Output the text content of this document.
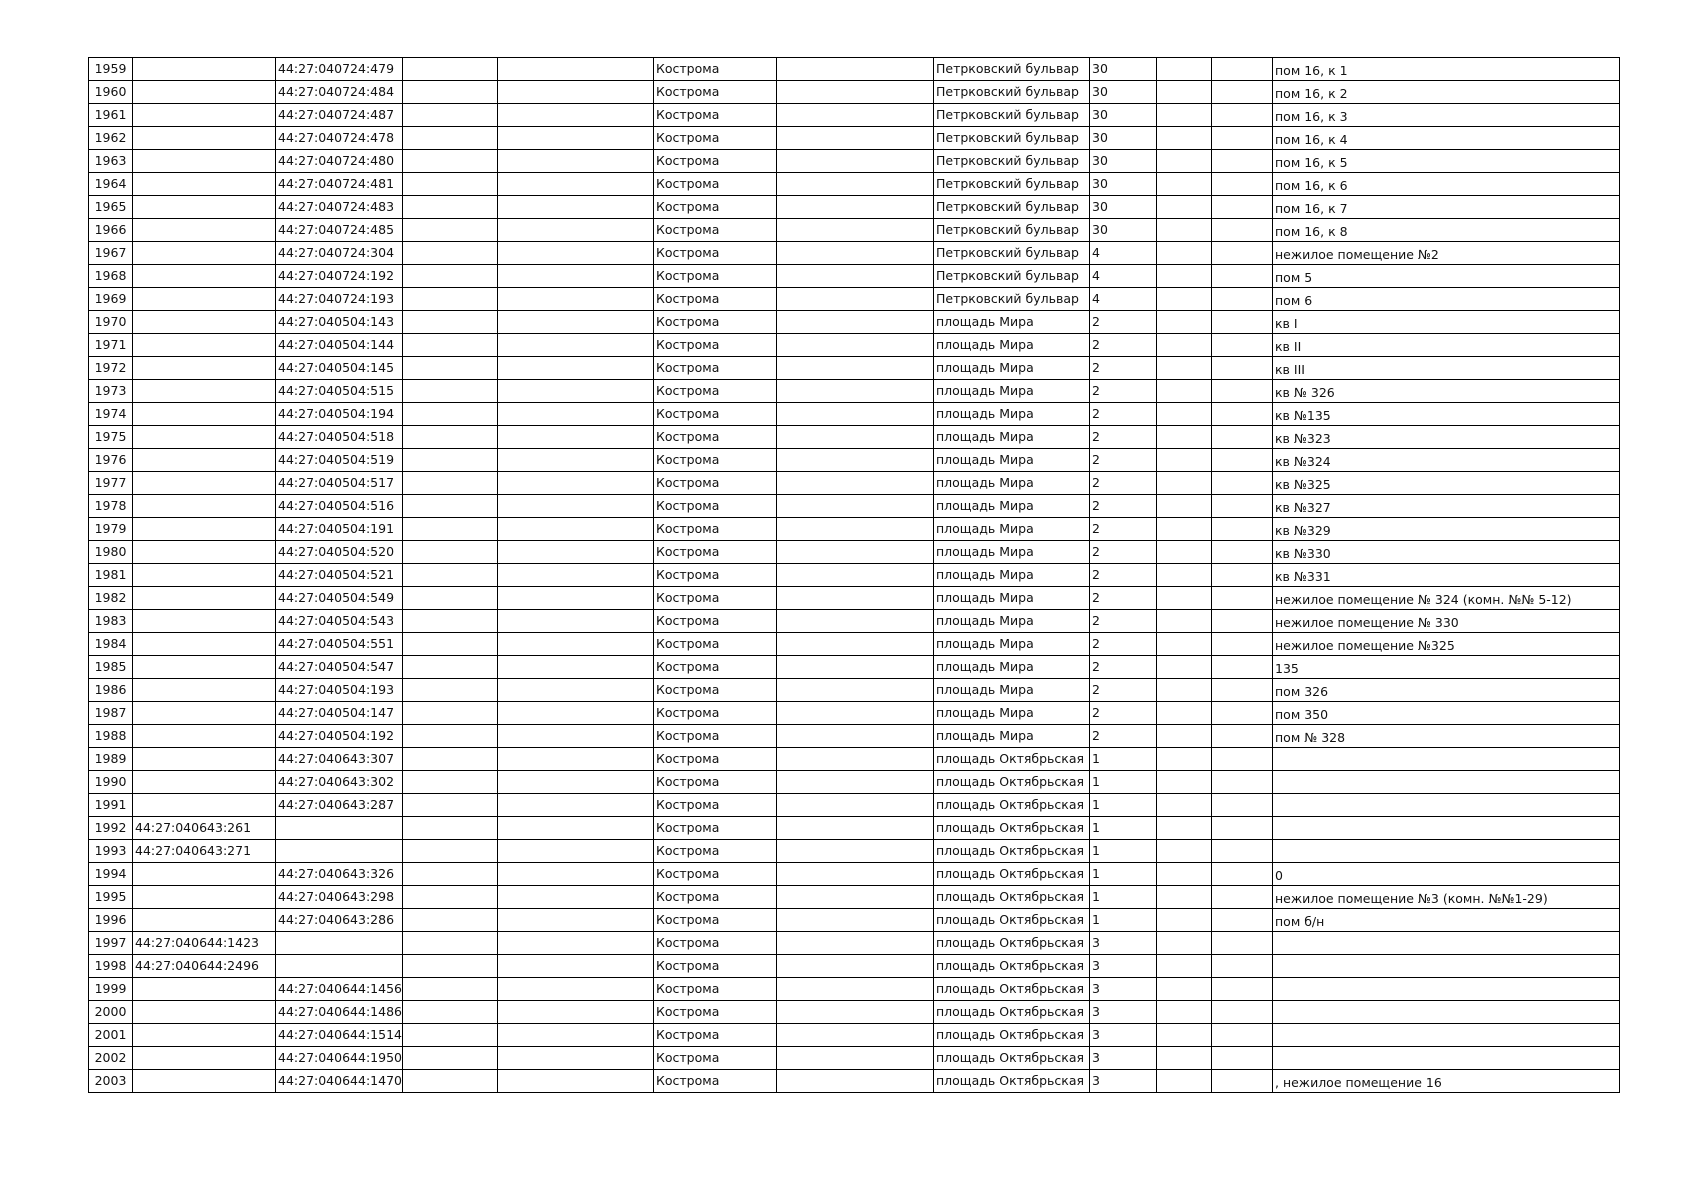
1959		44:27:040724:479			Кострома		Петрковский бульвар	30			пом 16, к 1
1960		44:27:040724:484			Кострома		Петрковский бульвар	30			пом 16, к 2
1961		44:27:040724:487			Кострома		Петрковский бульвар	30			пом 16, к 3
1962		44:27:040724:478			Кострома		Петрковский бульвар	30			пом 16, к 4
1963		44:27:040724:480			Кострома		Петрковский бульвар	30			пом 16, к 5
1964		44:27:040724:481			Кострома		Петрковский бульвар	30			пом 16, к 6
1965		44:27:040724:483			Кострома		Петрковский бульвар	30			пом 16, к 7
1966		44:27:040724:485			Кострома		Петрковский бульвар	30			пом 16, к 8
1967		44:27:040724:304			Кострома		Петрковский бульвар	4			нежилое помещение №2
1968		44:27:040724:192			Кострома		Петрковский бульвар	4			пом 5
1969		44:27:040724:193			Кострома		Петрковский бульвар	4			пом 6
1970		44:27:040504:143			Кострома		площадь Мира	2			кв I
1971		44:27:040504:144			Кострома		площадь Мира	2			кв II
1972		44:27:040504:145			Кострома		площадь Мира	2			кв III
1973		44:27:040504:515			Кострома		площадь Мира	2			кв № 326
1974		44:27:040504:194			Кострома		площадь Мира	2			кв №135
1975		44:27:040504:518			Кострома		площадь Мира	2			кв №323
1976		44:27:040504:519			Кострома		площадь Мира	2			кв №324
1977		44:27:040504:517			Кострома		площадь Мира	2			кв №325
1978		44:27:040504:516			Кострома		площадь Мира	2			кв №327
1979		44:27:040504:191			Кострома		площадь Мира	2			кв №329
1980		44:27:040504:520			Кострома		площадь Мира	2			кв №330
1981		44:27:040504:521			Кострома		площадь Мира	2			кв №331
1982		44:27:040504:549			Кострома		площадь Мира	2			нежилое помещение № 324 (комн. №№ 5-12)
1983		44:27:040504:543			Кострома		площадь Мира	2			нежилое помещение № 330
1984		44:27:040504:551			Кострома		площадь Мира	2			нежилое помещение №325
1985		44:27:040504:547			Кострома		площадь Мира	2			135
1986		44:27:040504:193			Кострома		площадь Мира	2			пом 326
1987		44:27:040504:147			Кострома		площадь Мира	2			пом 350
1988		44:27:040504:192			Кострома		площадь Мира	2			пом № 328
1989		44:27:040643:307			Кострома		площадь Октябрьская	1			
1990		44:27:040643:302			Кострома		площадь Октябрьская	1			
1991		44:27:040643:287			Кострома		площадь Октябрьская	1			
1992	44:27:040643:261				Кострома		площадь Октябрьская	1			
1993	44:27:040643:271				Кострома		площадь Октябрьская	1			
1994		44:27:040643:326			Кострома		площадь Октябрьская	1			0
1995		44:27:040643:298			Кострома		площадь Октябрьская	1			нежилое помещение №3 (комн. №№1-29)
1996		44:27:040643:286			Кострома		площадь Октябрьская	1			пом б/н
1997	44:27:040644:1423				Кострома		площадь Октябрьская	3			
1998	44:27:040644:2496				Кострома		площадь Октябрьская	3			
1999		44:27:040644:1456			Кострома		площадь Октябрьская	3			
2000		44:27:040644:1486			Кострома		площадь Октябрьская	3			
2001		44:27:040644:1514			Кострома		площадь Октябрьская	3			
2002		44:27:040644:1950			Кострома		площадь Октябрьская	3			
2003		44:27:040644:1470			Кострома		площадь Октябрьская	3			, нежилое помещение 16
